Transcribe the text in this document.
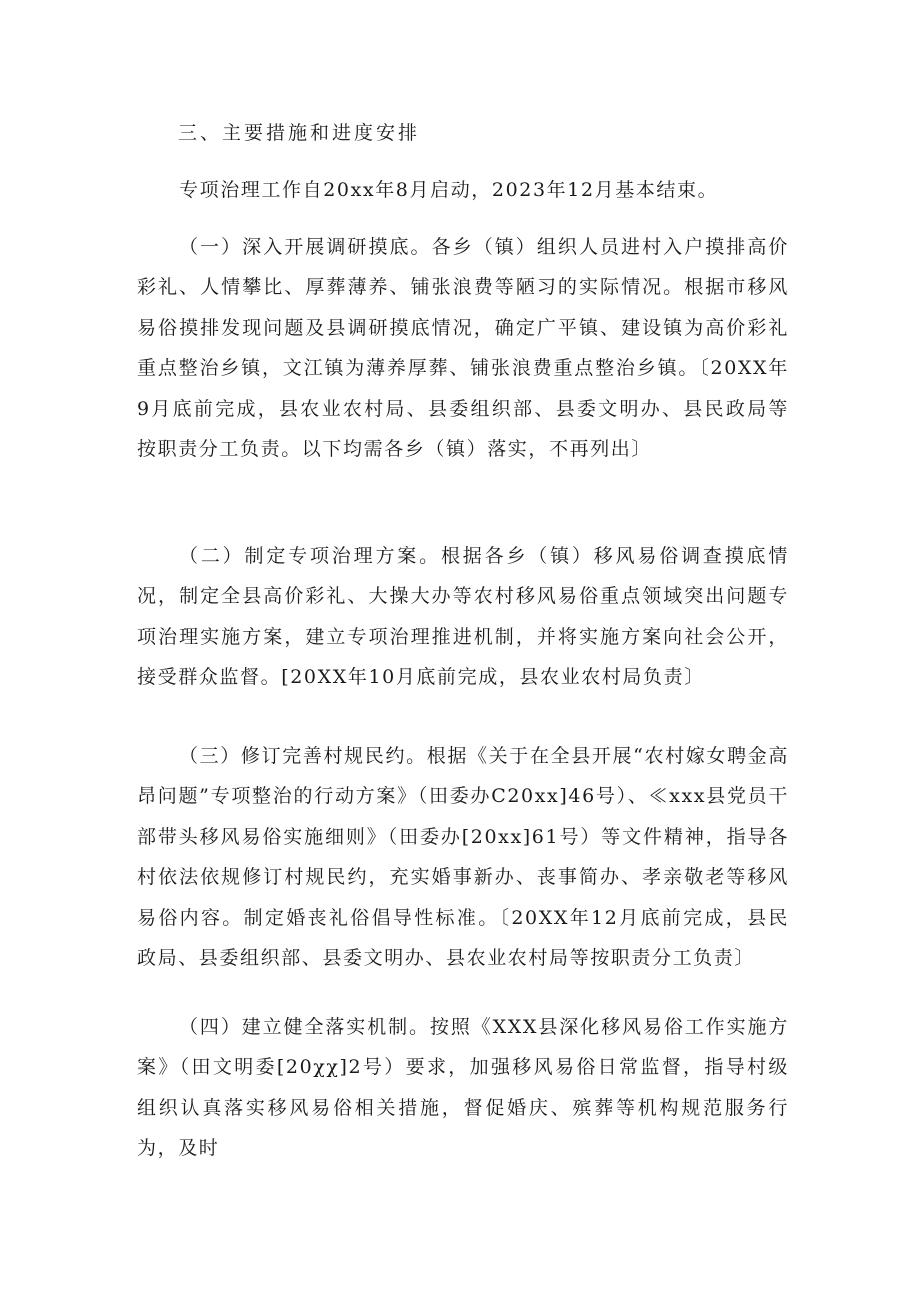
三、主要措施和进度安排

专项治理工作自20xx年8月启动，2023年12月基本结束。

（一）深入开展调研摸底。各乡（镇）组织人员进村入户摸排高价彩礼、人情攀比、厚葬薄养、铺张浪费等陋习的实际情况。根据市移风易俗摸排发现问题及县调研摸底情况，确定广平镇、建设镇为高价彩礼重点整治乡镇，文江镇为薄养厚葬、铺张浪费重点整治乡镇。〔20XX年9月底前完成，县农业农村局、县委组织部、县委文明办、县民政局等按职责分工负责。以下均需各乡（镇）落实，不再列出〕

（二）制定专项治理方案。根据各乡（镇）移风易俗调查摸底情况，制定全县高价彩礼、大操大办等农村移风易俗重点领域突出问题专项治理实施方案，建立专项治理推进机制，并将实施方案向社会公开，接受群众监督。[20XX年10月底前完成，县农业农村局负责〕

（三）修订完善村规民约。根据《关于在全县开展“农村嫁女聘金高昂问题”专项整治的行动方案》（田委办C20xx]46号）、≪xxx县党员干部带头移风易俗实施细则》（田委办[20xx]61号）等文件精神，指导各村依法依规修订村规民约，充实婚事新办、丧事简办、孝亲敬老等移风易俗内容。制定婚丧礼俗倡导性标准。〔20XX年12月底前完成，县民政局、县委组织部、县委文明办、县农业农村局等按职责分工负责〕

（四）建立健全落实机制。按照《XXX县深化移风易俗工作实施方案》（田文明委[20χχ]2号）要求，加强移风易俗日常监督，指导村级组织认真落实移风易俗相关措施，督促婚庆、殡葬等机构规范服务行为，及时
